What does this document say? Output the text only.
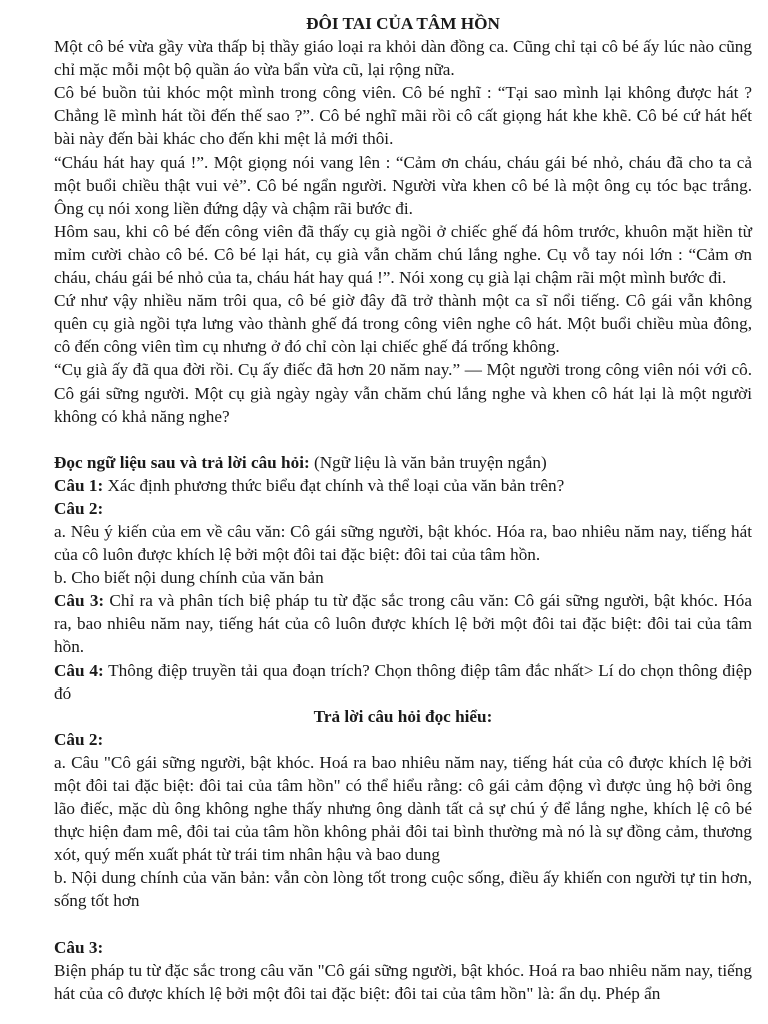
ĐÔI TAI CỦA TÂM HỒN

Một cô bé vừa gầy vừa thấp bị thầy giáo loại ra khỏi dàn đồng ca. Cũng chỉ tại cô bé ấy lúc nào cũng chỉ mặc mỗi một bộ quần áo vừa bẩn vừa cũ, lại rộng nữa.

Cô bé buồn tủi khóc một mình trong công viên. Cô bé nghĩ : “Tại sao mình lại không được hát ? Chẳng lẽ mình hát tồi đến thế sao ?”. Cô bé nghĩ mãi rồi cô cất giọng hát khe khẽ. Cô bé cứ hát hết bài này đến bài khác cho đến khi mệt lả mới thôi.

“Cháu hát hay quá !”. Một giọng nói vang lên : “Cảm ơn cháu, cháu gái bé nhỏ, cháu đã cho ta cả một buổi chiều thật vui vẻ”. Cô bé ngẩn người. Người vừa khen cô bé là một ông cụ tóc bạc trắng. Ông cụ nói xong liền đứng dậy và chậm rãi bước đi.

Hôm sau, khi cô bé đến công viên đã thấy cụ già ngồi ở chiếc ghế đá hôm trước, khuôn mặt hiền từ mỉm cười chào cô bé. Cô bé lại hát, cụ già vẫn chăm chú lắng nghe. Cụ vỗ tay nói lớn : “Cảm ơn cháu, cháu gái bé nhỏ của ta, cháu hát hay quá !”. Nói xong cụ già lại chậm rãi một mình bước đi.

Cứ như vậy nhiều năm trôi qua, cô bé giờ đây đã trở thành một ca sĩ nổi tiếng. Cô gái vẫn không quên cụ già ngồi tựa lưng vào thành ghế đá trong công viên nghe cô hát. Một buổi chiều mùa đông, cô đến công viên tìm cụ nhưng ở đó chỉ còn lại chiếc ghế đá trống không.

“Cụ già ấy đã qua đời rồi. Cụ ấy điếc đã hơn 20 năm nay.” — Một người trong công viên nói với cô. Cô gái sững người. Một cụ già ngày ngày vẫn chăm chú lắng nghe và khen cô hát lại là một người không có khả năng nghe?

Đọc ngữ liệu sau và trả lời câu hỏi: (Ngữ liệu là văn bản truyện ngắn)

Câu 1: Xác định phương thức biểu đạt chính và thể loại của văn bản trên?

Câu 2:

a. Nêu ý kiến của em về câu văn: Cô gái sững người, bật khóc. Hóa ra, bao nhiêu năm nay, tiếng hát của cô luôn được khích lệ bởi một đôi tai đặc biệt: đôi tai của tâm hồn.

b. Cho biết nội dung chính của văn bản

Câu 3: Chỉ ra và phân tích biệ pháp tu từ đặc sắc trong câu văn: Cô gái sững người, bật khóc. Hóa ra, bao nhiêu năm nay, tiếng hát của cô luôn được khích lệ bởi một đôi tai đặc biệt: đôi tai của tâm hồn.

Câu 4: Thông điệp truyền tải qua đoạn trích? Chọn thông điệp tâm đắc nhất> Lí do chọn thông điệp đó

Trả lời câu hỏi đọc hiểu:

Câu 2:

a. Câu "Cô gái sững người, bật khóc. Hoá ra bao nhiêu năm nay, tiếng hát của cô được khích lệ bởi một đôi tai đặc biệt: đôi tai của tâm hồn" có thể hiểu rằng: cô gái cảm động vì được ủng hộ bởi ông lão điếc, mặc dù ông không nghe thấy nhưng ông dành tất cả sự chú ý để lắng nghe, khích lệ cô bé thực hiện đam mê, đôi tai của tâm hồn không phải đôi tai bình thường mà nó là sự đồng cảm, thương xót, quý mến xuất phát từ trái tim nhân hậu và bao dung

b. Nội dung chính của văn bản: vẫn còn lòng tốt trong cuộc sống, điều ấy khiến con người tự tin hơn, sống tốt hơn

Câu 3:

Biện pháp tu từ đặc sắc trong câu văn "Cô gái sững người, bật khóc. Hoá ra bao nhiêu năm nay, tiếng hát của cô được khích lệ bởi một đôi tai đặc biệt: đôi tai của tâm hồn" là: ẩn dụ. Phép ẩn
